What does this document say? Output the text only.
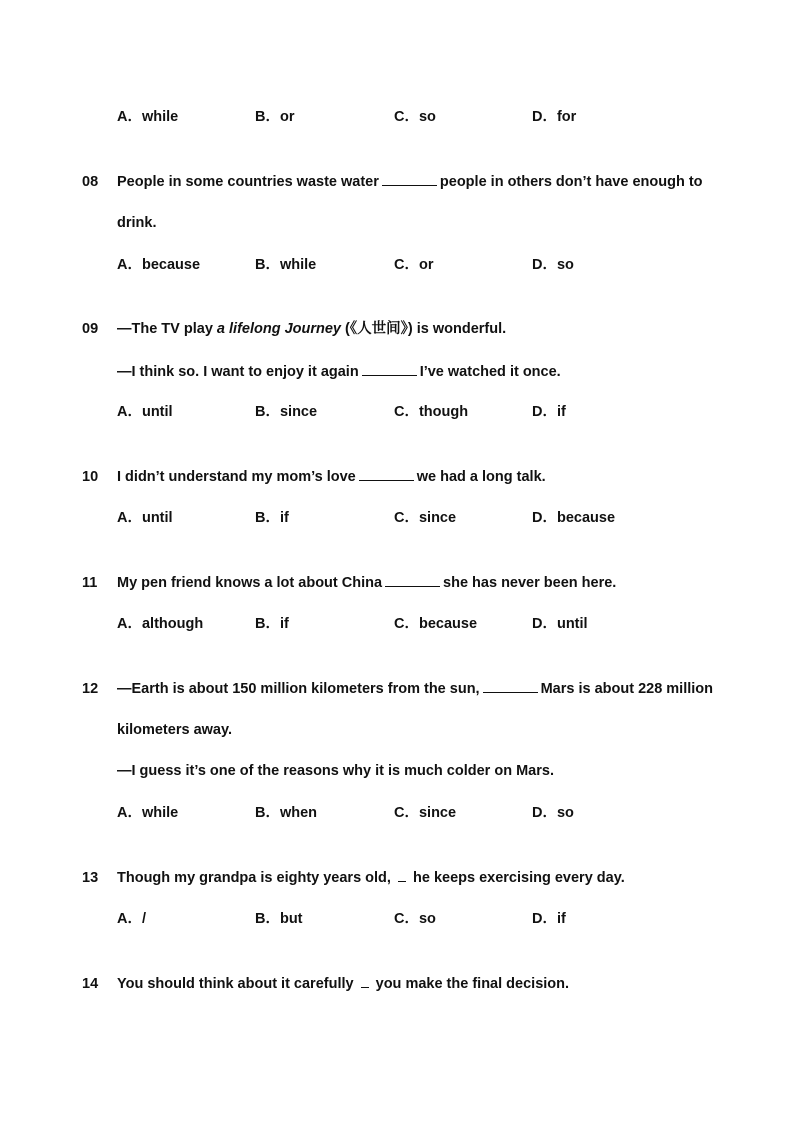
A．while	B．or	C．so	D．for
08 People in some countries waste water	people in others don’t have enough to
drink.
A．because	B．while	C．or	D．so
09 —The TV play a lifelong Journey (《人世间》) is wonderful.
—I think so. I want to enjoy it again	I’ve watched it once.
A．until	B．since	C．though	D．if
10 I didn’t understand my mom’s love	we had a long talk.
A．until	B．if	C．since	D．because
11 My pen friend knows a lot about China	she has never been here.
A．although	B．if	C．because	D．until
12 —Earth is about 150 million kilometers from the sun,	Mars is about 228 million
kilometers away.
—I guess it’s one of the reasons why it is much colder on Mars.
A．while	B．when	C．since	D．so
13 Though my grandpa is eighty years old, he keeps exercising every day.
A．/	B．but	C．so	D．if
14 You should think about it carefully you make the final decision.
